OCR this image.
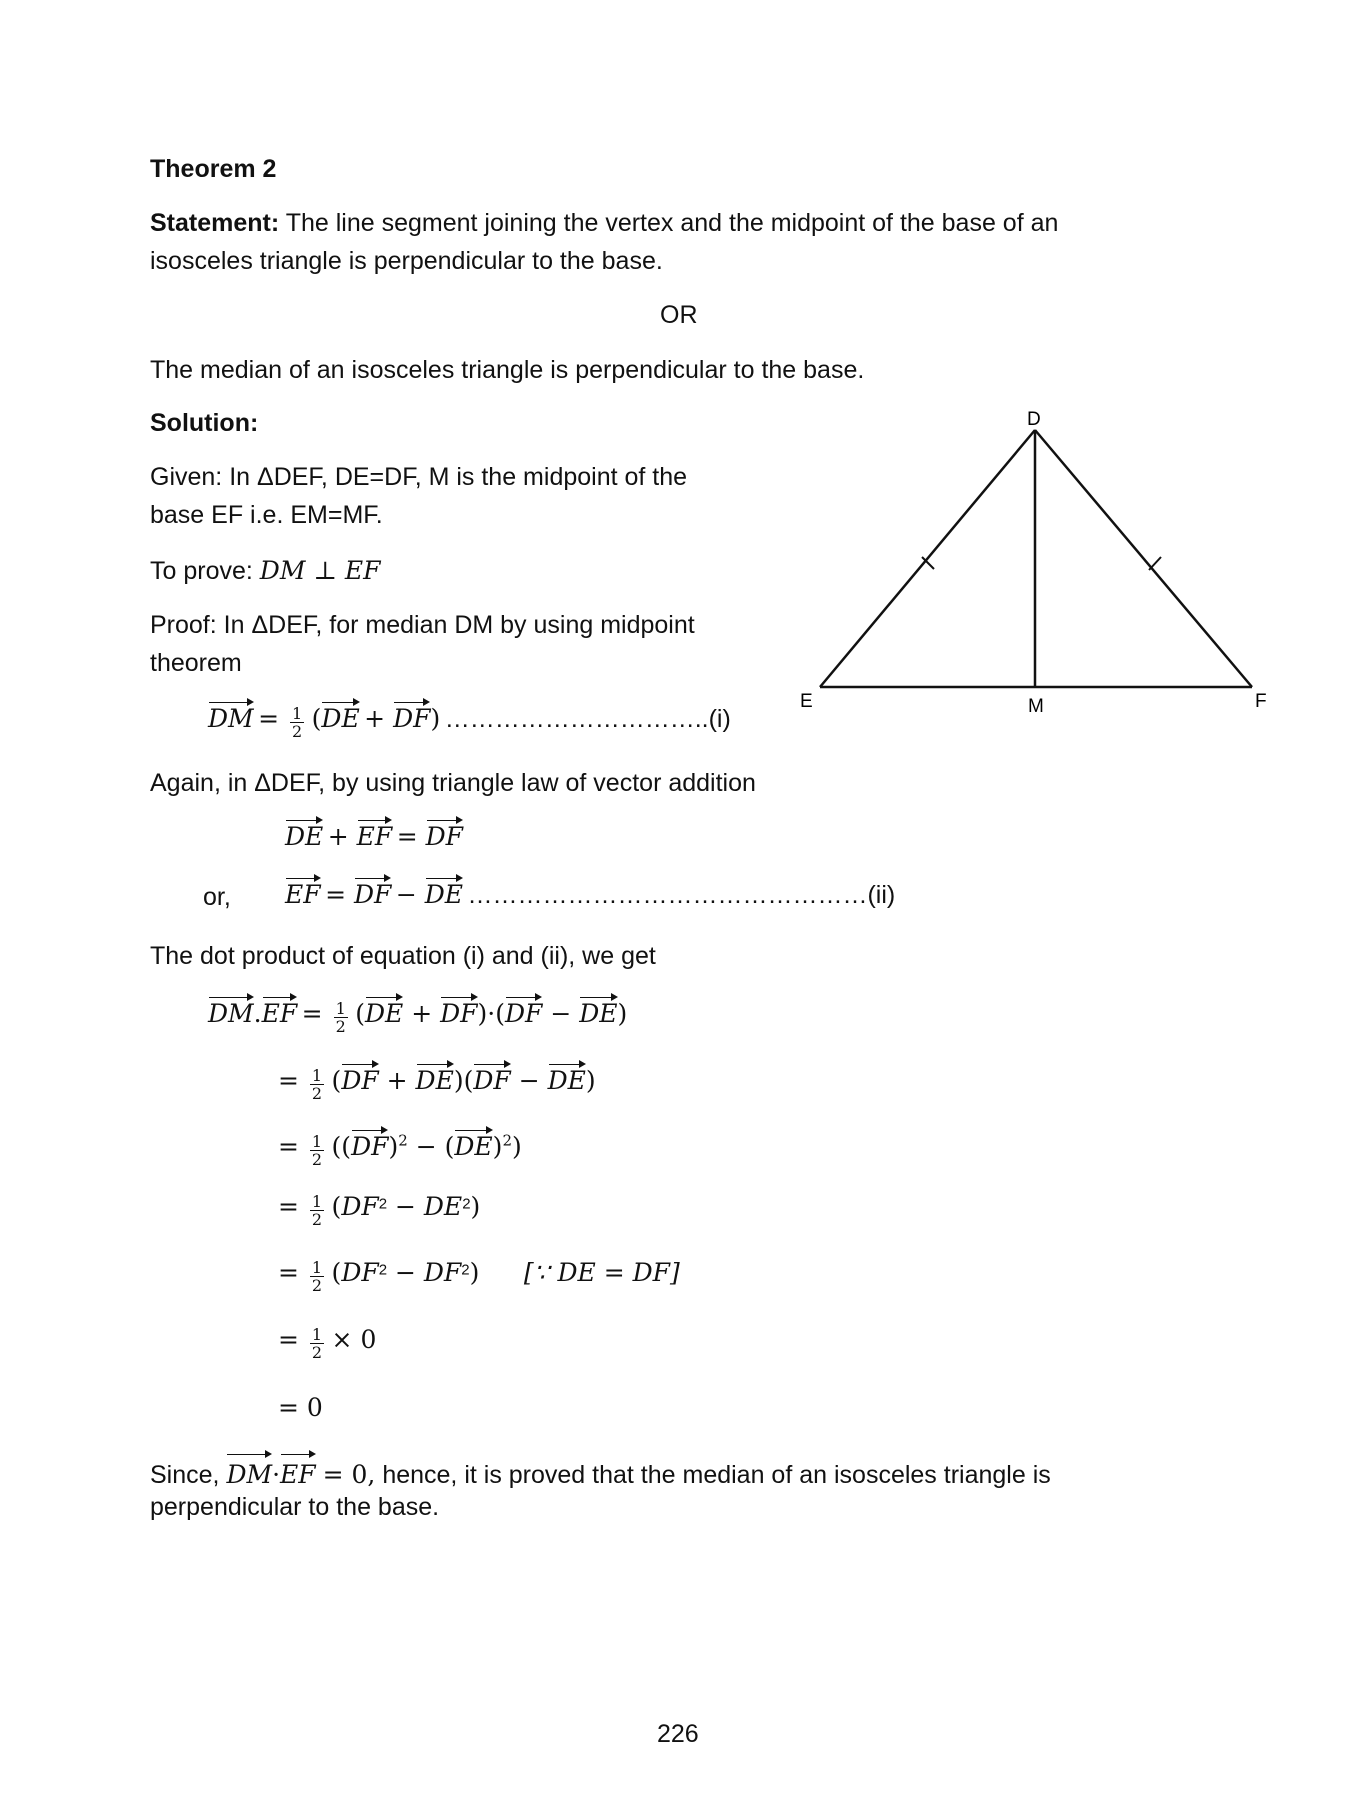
Theorem 2
Statement: The line segment joining the vertex and the midpoint of the base of an
isosceles triangle is perpendicular to the base.
OR
The median of an isosceles triangle is perpendicular to the base.
Solution:
Given: In ΔDEF, DE=DF, M is the midpoint of the
base EF i.e. EM=MF.
To prove: DM ⊥ EF
Proof: In ΔDEF, for median DM by using midpoint
theorem
DM = $\frac{1}{2} (DE + DF)$ …………………………..(i)
Again, in ΔDEF, by using triangle law of vector addition
DE + EF = DF
or, EF = DF − DE …………………………………………(ii)
The dot product of equation (i) and (ii), we get
$DM.EF = \frac{1}{2} (DE + DF)\cdot(DF - DE)$
= $\frac{1}{2} (DF + DE)(DF - DE)$
= $\frac{1}{2} ((DF)^2 - (DE)^2)$
= $\frac{1}{2} (DF^2 - DE^2)$
= $\frac{1}{2} (DF^2 - DF^2)$ [∵ DE = DF]
= $\frac{1}{2} \times 0$
= 0
Since, DM·EF = 0, hence, it is proved that the median of an isosceles triangle is
perpendicular to the base.
D
E	F
M
226
